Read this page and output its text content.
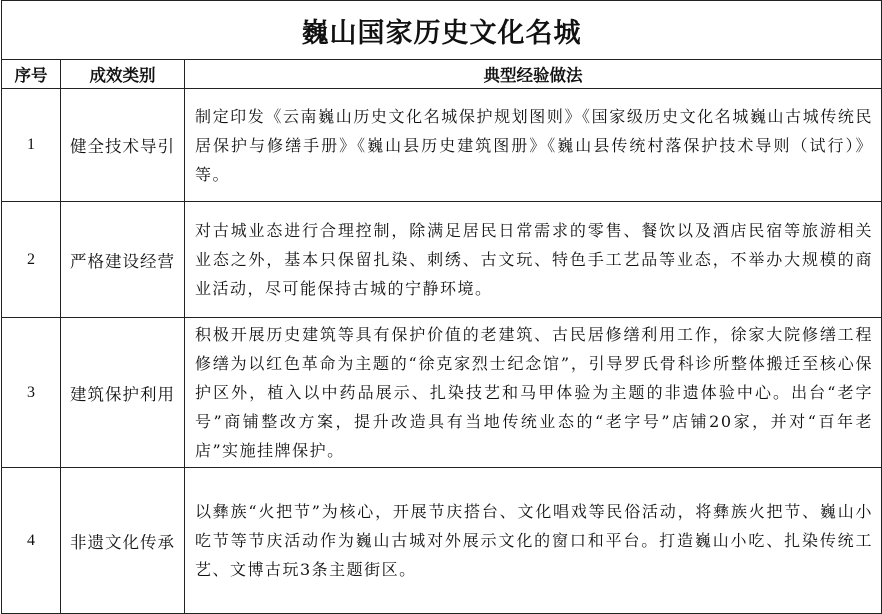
巍山国家历史文化名城		
序号	成效类别	典型经验做法
1	健全技术导引	制定印发《云南巍山历史文化名城保护规划图则》《国家级历史文化名城巍山古城传统民居保护与修缮手册》《巍山县历史建筑图册》《巍山县传统村落保护技术导则（试行）》等。
2	严格建设经营	对古城业态进行合理控制，除满足居民日常需求的零售、餐饮以及酒店民宿等旅游相关业态之外，基本只保留扎染、刺绣、古文玩、特色手工艺品等业态，不举办大规模的商业活动，尽可能保持古城的宁静环境。
3	建筑保护利用	积极开展历史建筑等具有保护价值的老建筑、古民居修缮利用工作，徐家大院修缮工程修缮为以红色革命为主题的“徐克家烈士纪念馆”，引导罗氏骨科诊所整体搬迁至核心保护区外，植入以中药品展示、扎染技艺和马甲体验为主题的非遗体验中心。出台“老字号”商铺整改方案，提升改造具有当地传统业态的“老字号”店铺20家，并对“百年老店”实施挂牌保护。
4	非遗文化传承	以彝族“火把节”为核心，开展节庆搭台、文化唱戏等民俗活动，将彝族火把节、巍山小吃节等节庆活动作为巍山古城对外展示文化的窗口和平台。打造巍山小吃、扎染传统工艺、文博古玩3条主题街区。
